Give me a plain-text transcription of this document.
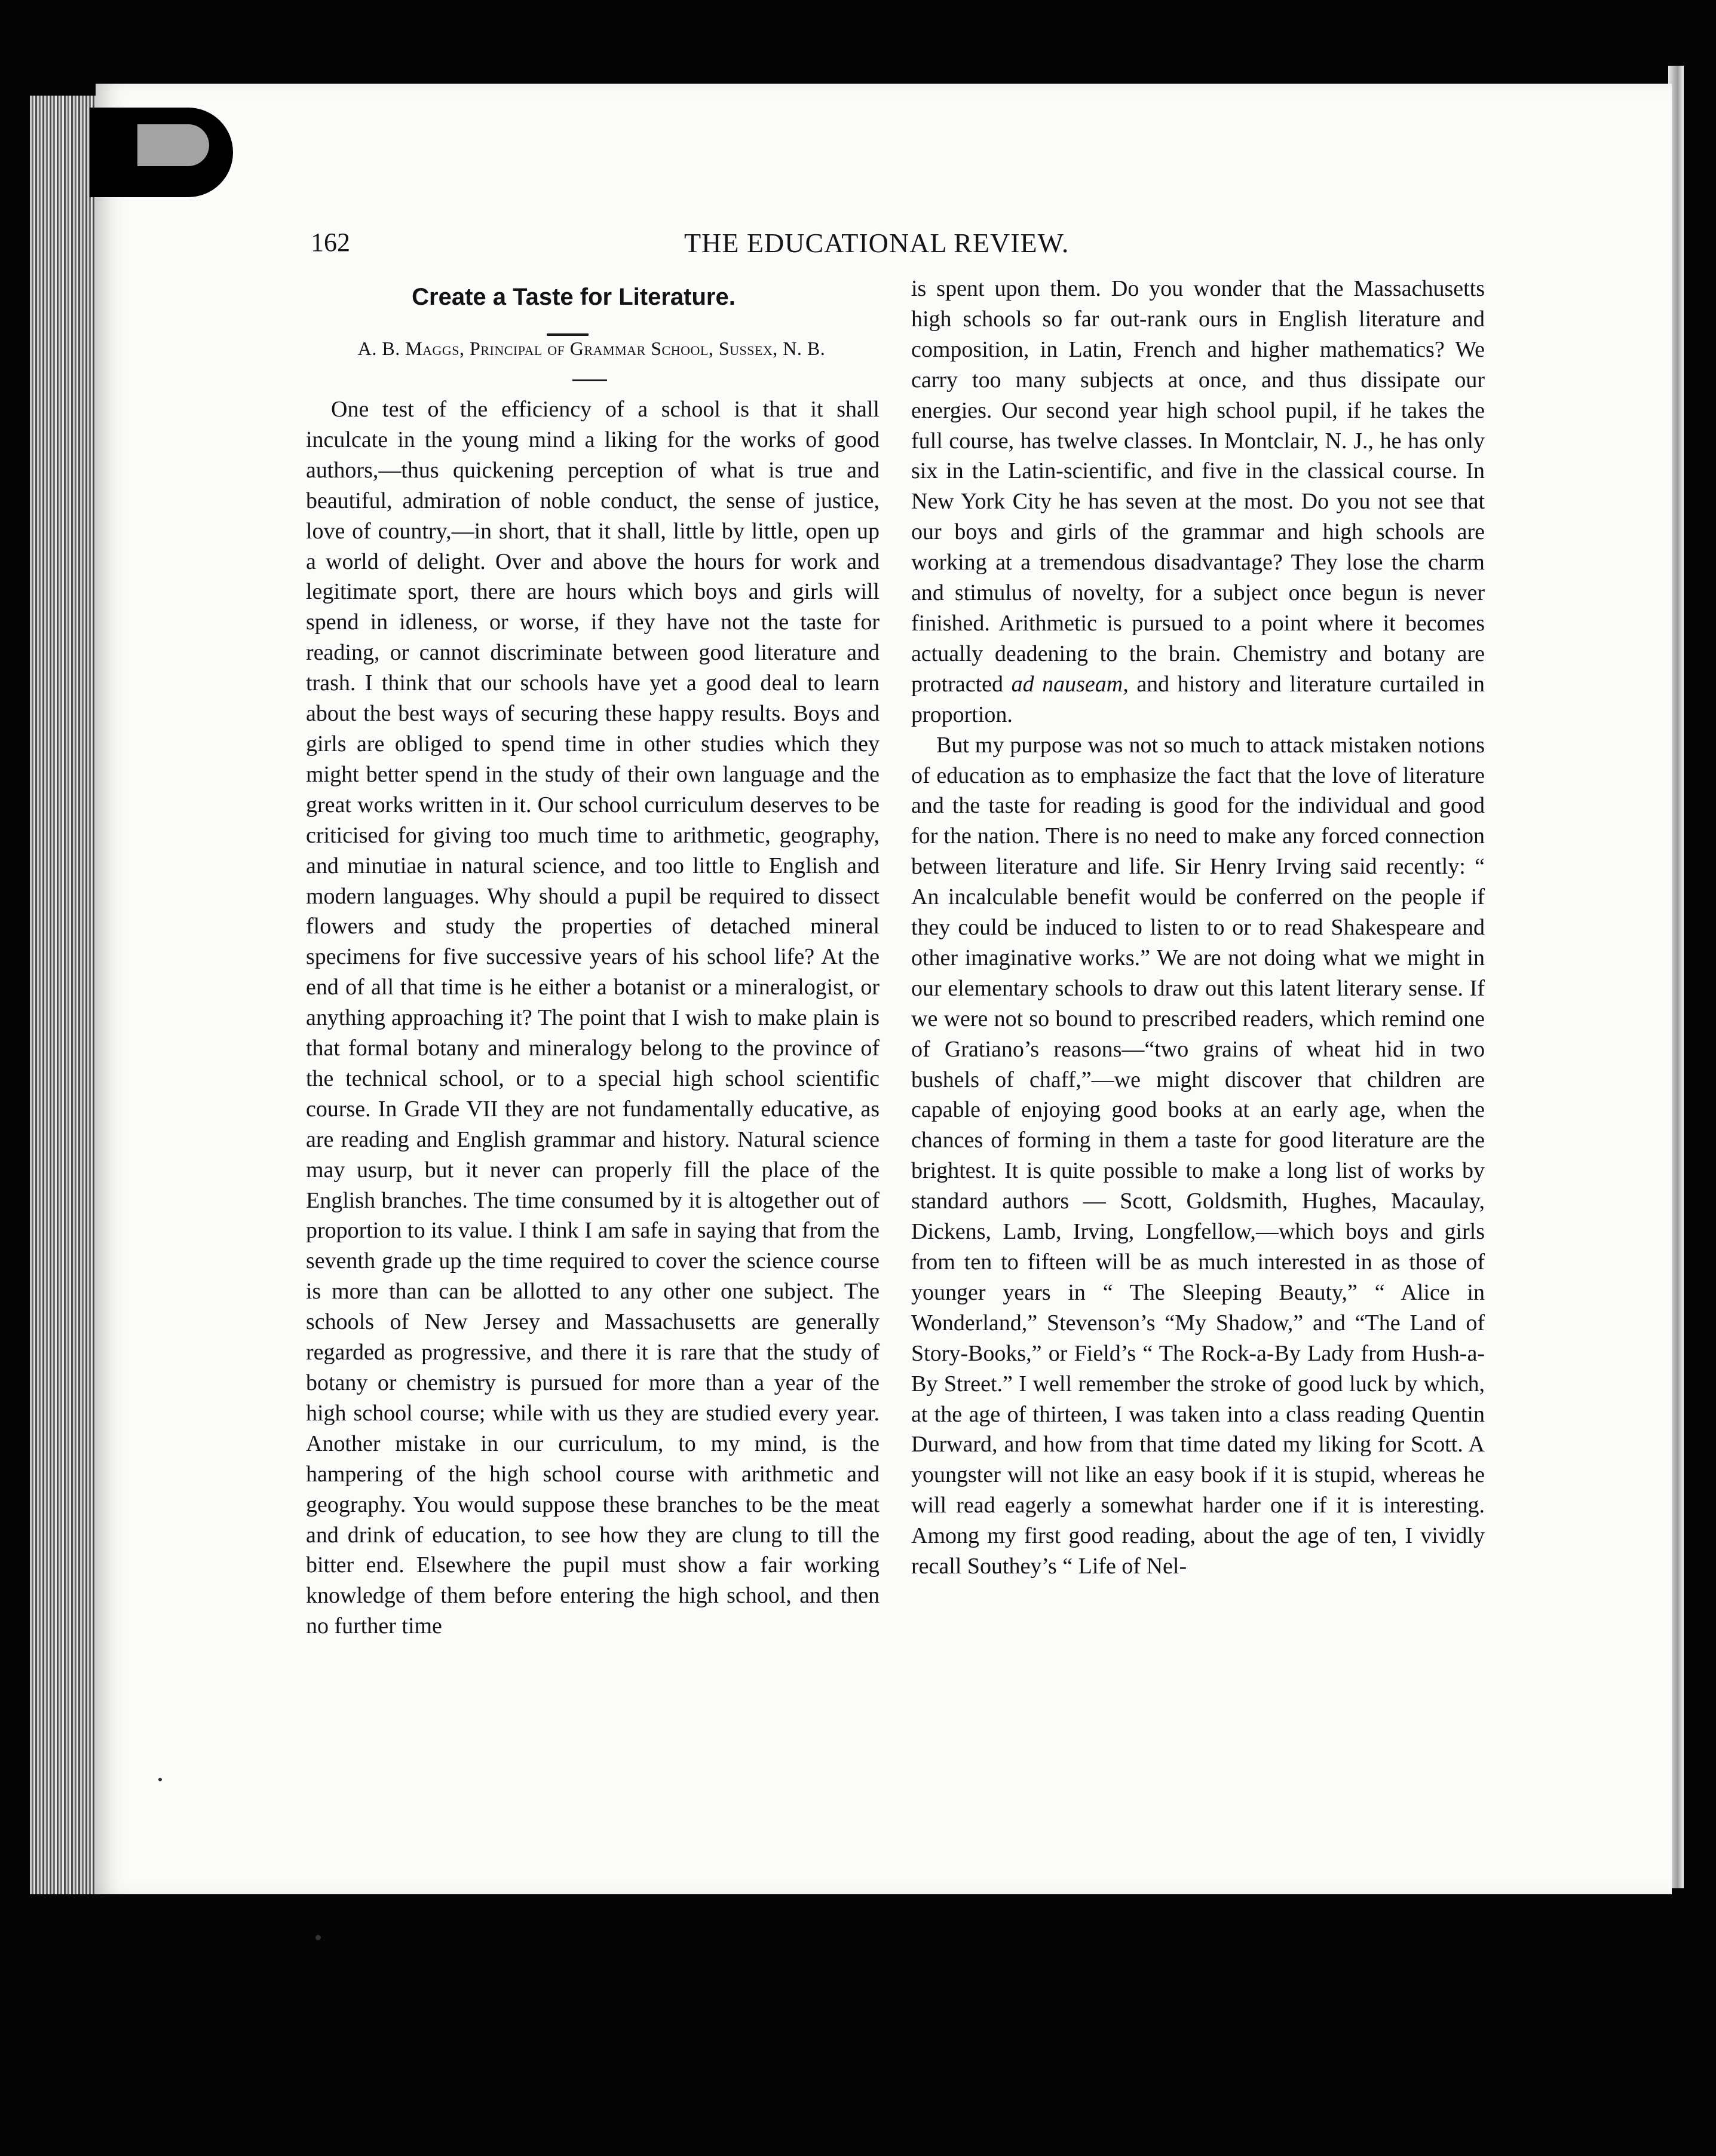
162	THE EDUCATIONAL REVIEW.
Create a Taste for Literature.
A. B. Maggs, Principal of Grammar School, Sussex, N. B.

One test of the efficiency of a school is that it shall inculcate in the young mind a liking for the works of good authors,—thus quickening perception of what is true and beautiful, admiration of noble conduct, the sense of justice, love of country,—in short, that it shall, little by little, open up a world of delight. Over and above the hours for work and legitimate sport, there are hours which boys and girls will spend in idleness, or worse, if they have not the taste for reading, or cannot discriminate between good literature and trash. I think that our schools have yet a good deal to learn about the best ways of securing these happy results. Boys and girls are obliged to spend time in other studies which they might better spend in the study of their own language and the great works written in it. Our school curriculum deserves to be criticised for giving too much time to arithmetic, geography, and minutiae in natural science, and too little to English and modern languages. Why should a pupil be required to dissect flowers and study the properties of detached mineral specimens for five successive years of his school life? At the end of all that time is he either a botanist or a mineralogist, or anything approaching it? The point that I wish to make plain is that formal botany and mineralogy belong to the province of the technical school, or to a special high school scientific course. In Grade VII they are not fundamentally educative, as are reading and English grammar and history. Natural science may usurp, but it never can properly fill the place of the English branches. The time consumed by it is altogether out of proportion to its value. I think I am safe in saying that from the seventh grade up the time required to cover the science course is more than can be allotted to any other one subject. The schools of New Jersey and Massachusetts are generally regarded as progressive, and there it is rare that the study of botany or chemistry is pursued for more than a year of the high school course; while with us they are studied every year. Another mistake in our curriculum, to my mind, is the hampering of the high school course with arithmetic and geography. You would suppose these branches to be the meat and drink of education, to see how they are clung to till the bitter end. Elsewhere the pupil must show a fair working knowledge of them before entering the high school, and then no further time

is spent upon them. Do you wonder that the Massachusetts high schools so far out-rank ours in English literature and composition, in Latin, French and higher mathematics? We carry too many subjects at once, and thus dissipate our energies. Our second year high school pupil, if he takes the full course, has twelve classes. In Montclair, N. J., he has only six in the Latin-scientific, and five in the classical course. In New York City he has seven at the most. Do you not see that our boys and girls of the grammar and high schools are working at a tremendous disadvantage? They lose the charm and stimulus of novelty, for a subject once begun is never finished. Arithmetic is pursued to a point where it becomes actually deadening to the brain. Chemistry and botany are protracted ad nauseam, and history and literature curtailed in proportion.

But my purpose was not so much to attack mistaken notions of education as to emphasize the fact that the love of literature and the taste for reading is good for the individual and good for the nation. There is no need to make any forced connection between literature and life. Sir Henry Irving said recently: “ An incalculable benefit would be conferred on the people if they could be induced to listen to or to read Shakespeare and other imaginative works.” We are not doing what we might in our elementary schools to draw out this latent literary sense. If we were not so bound to prescribed readers, which remind one of Gratiano’s reasons—“two grains of wheat hid in two bushels of chaff,”—we might discover that children are capable of enjoying good books at an early age, when the chances of forming in them a taste for good literature are the brightest. It is quite possible to make a long list of works by standard authors — Scott, Goldsmith, Hughes, Macaulay, Dickens, Lamb, Irving, Longfellow,—which boys and girls from ten to fifteen will be as much interested in as those of younger years in “ The Sleeping Beauty,” “ Alice in Wonderland,” Stevenson’s “My Shadow,” and “The Land of Story-Books,” or Field’s “ The Rock-a-By Lady from Hush-a-By Street.” I well remember the stroke of good luck by which, at the age of thirteen, I was taken into a class reading Quentin Durward, and how from that time dated my liking for Scott. A youngster will not like an easy book if it is stupid, whereas he will read eagerly a somewhat harder one if it is interesting. Among my first good reading, about the age of ten, I vividly recall Southey’s “ Life of Nel-
